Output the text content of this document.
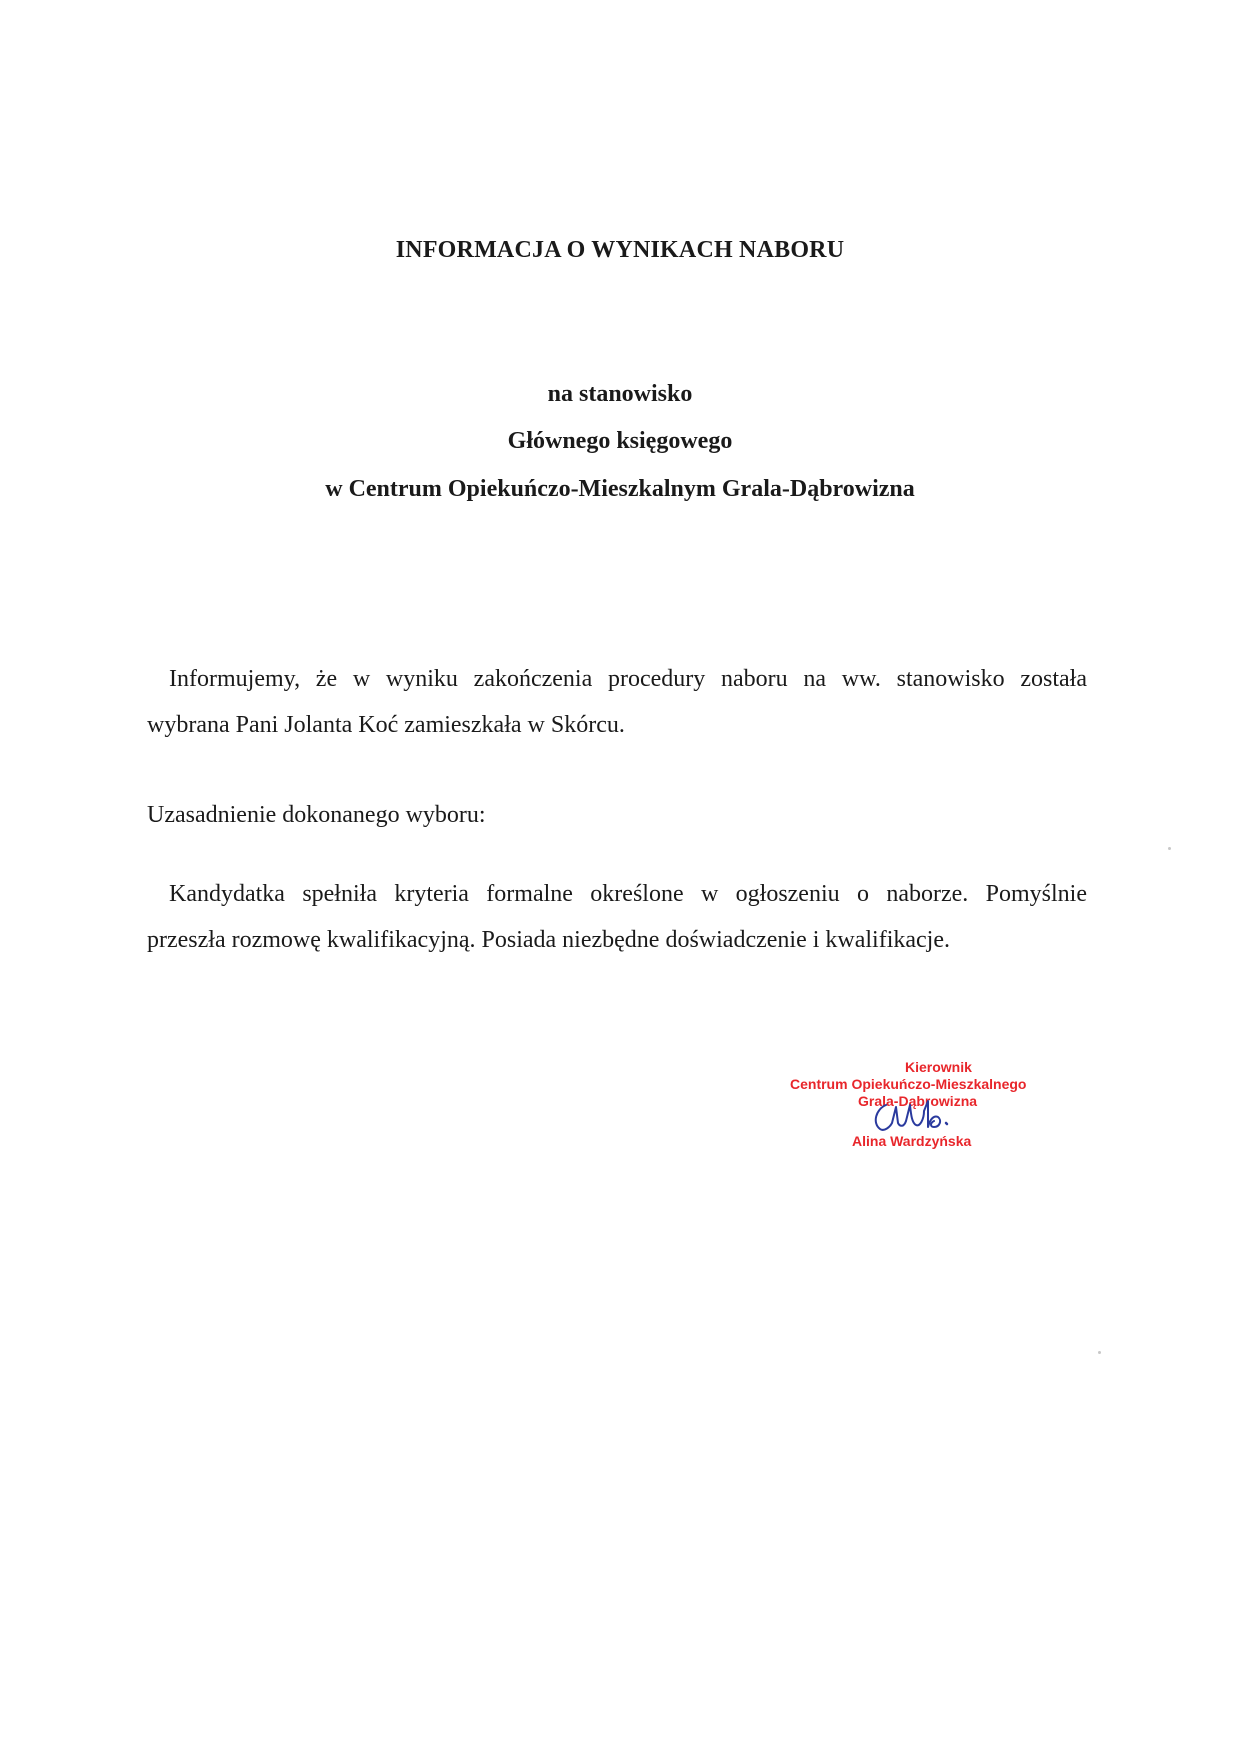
INFORMACJA O WYNIKACH NABORU
na stanowisko
Głównego księgowego
w Centrum Opiekuńczo-Mieszkalnym Grala-Dąbrowizna
Informujemy, że w wyniku zakończenia procedury naboru na ww. stanowisko została
wybrana Pani Jolanta Koć zamieszkała w Skórcu.
Uzasadnienie dokonanego wyboru:
Kandydatka spełniła kryteria formalne określone w ogłoszeniu o naborze. Pomyślnie
przeszła rozmowę kwalifikacyjną. Posiada niezbędne doświadczenie i kwalifikacje.
Kierownik
Centrum Opiekuńczo-Mieszkalnego
Grala-Dąbrowizna
Alina Wardzyńska
